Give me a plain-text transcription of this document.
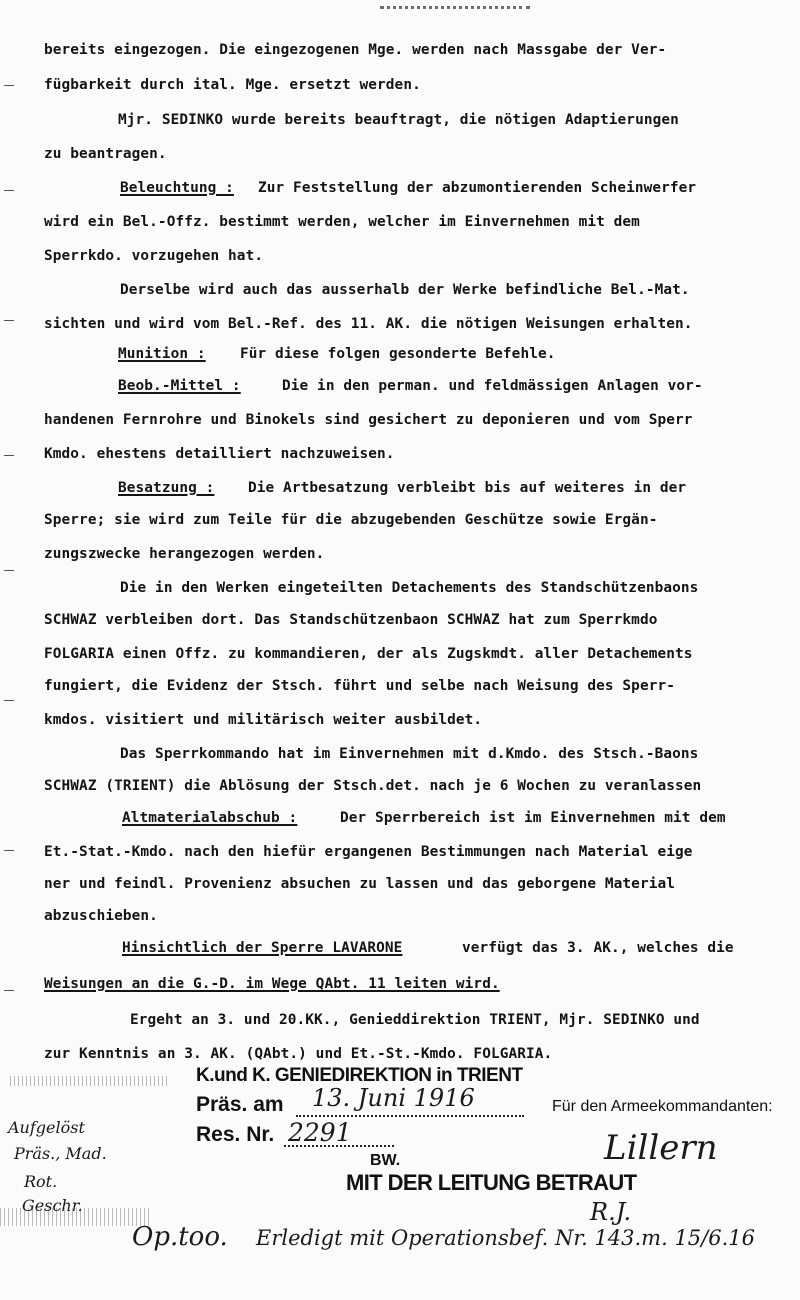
bereits eingezogen. Die eingezogenen Mge. werden nach Massgabe der Ver-
fügbarkeit durch ital. Mge. ersetzt werden.
Mjr. SEDINKO wurde bereits beauftragt, die nötigen Adaptierungen
zu beantragen.
Beleuchtung : Zur Feststellung der abzumontierenden Scheinwerfer
wird ein Bel.-Offz. bestimmt werden, welcher im Einvernehmen mit dem
Sperrkdo. vorzugehen hat.
Derselbe wird auch das ausserhalb der Werke befindliche Bel.-Mat.
sichten und wird vom Bel.-Ref. des 11. AK. die nötigen Weisungen erhalten.
Munition : Für diese folgen gesonderte Befehle.
Beob.-Mittel :	Die in den perman. und feldmässigen Anlagen vor-
handenen Fernrohre und Binokels sind gesichert zu deponieren und vom Sperr
Kmdo. ehestens detailliert nachzuweisen.
Besatzung : Die Artbesatzung verbleibt bis auf weiteres in der
Sperre; sie wird zum Teile für die abzugebenden Geschütze sowie Ergän-
zungszwecke herangezogen werden.
Die in den Werken eingeteilten Detachements des Standschützenbaons
SCHWAZ verbleiben dort. Das Standschützenbaon SCHWAZ hat zum Sperrkmdo
FOLGARIA einen Offz. zu kommandieren, der als Zugskmdt. aller Detachements
fungiert, die Evidenz der Stsch. führt und selbe nach Weisung des Sperr-
kmdos. visitiert und militärisch weiter ausbildet.
Das Sperrkommando hat im Einvernehmen mit d.Kmdo. des Stsch.-Baons
SCHWAZ (TRIENT) die Ablösung der Stsch.det. nach je 6 Wochen zu veranlassen
Altmaterialabschub :	Der Sperrbereich ist im Einvernehmen mit dem
Et.-Stat.-Kmdo. nach den hiefür ergangenen Bestimmungen nach Material eige
ner und feindl. Provenienz absuchen zu lassen und das geborgene Material
abzuschieben.
Hinsichtlich der Sperre LAVARONE	verfügt das 3. AK., welches die
Weisungen an die G.-D. im Wege QAbt. 11 leiten wird.
Ergeht an 3. und 20.KK., Genieddirektion TRIENT, Mjr. SEDINKO und
zur Kenntnis an 3. AK. (QAbt.) und Et.-St.-Kmdo. FOLGARIA.
K.und K. GENIEDIREKTION in TRIENT
Präs. am 13. Juni 1916
Res. Nr. 2291
Für den Armeekommandanten:
Lillern
BW.
MIT DER LEITUNG BETRAUT
Aufgelöst
Präs., Mad.
Rot.
Geschr.
Op.too. Erledigt mit Operationsbef. Nr. 143.m. 15/6.16
R.J.
